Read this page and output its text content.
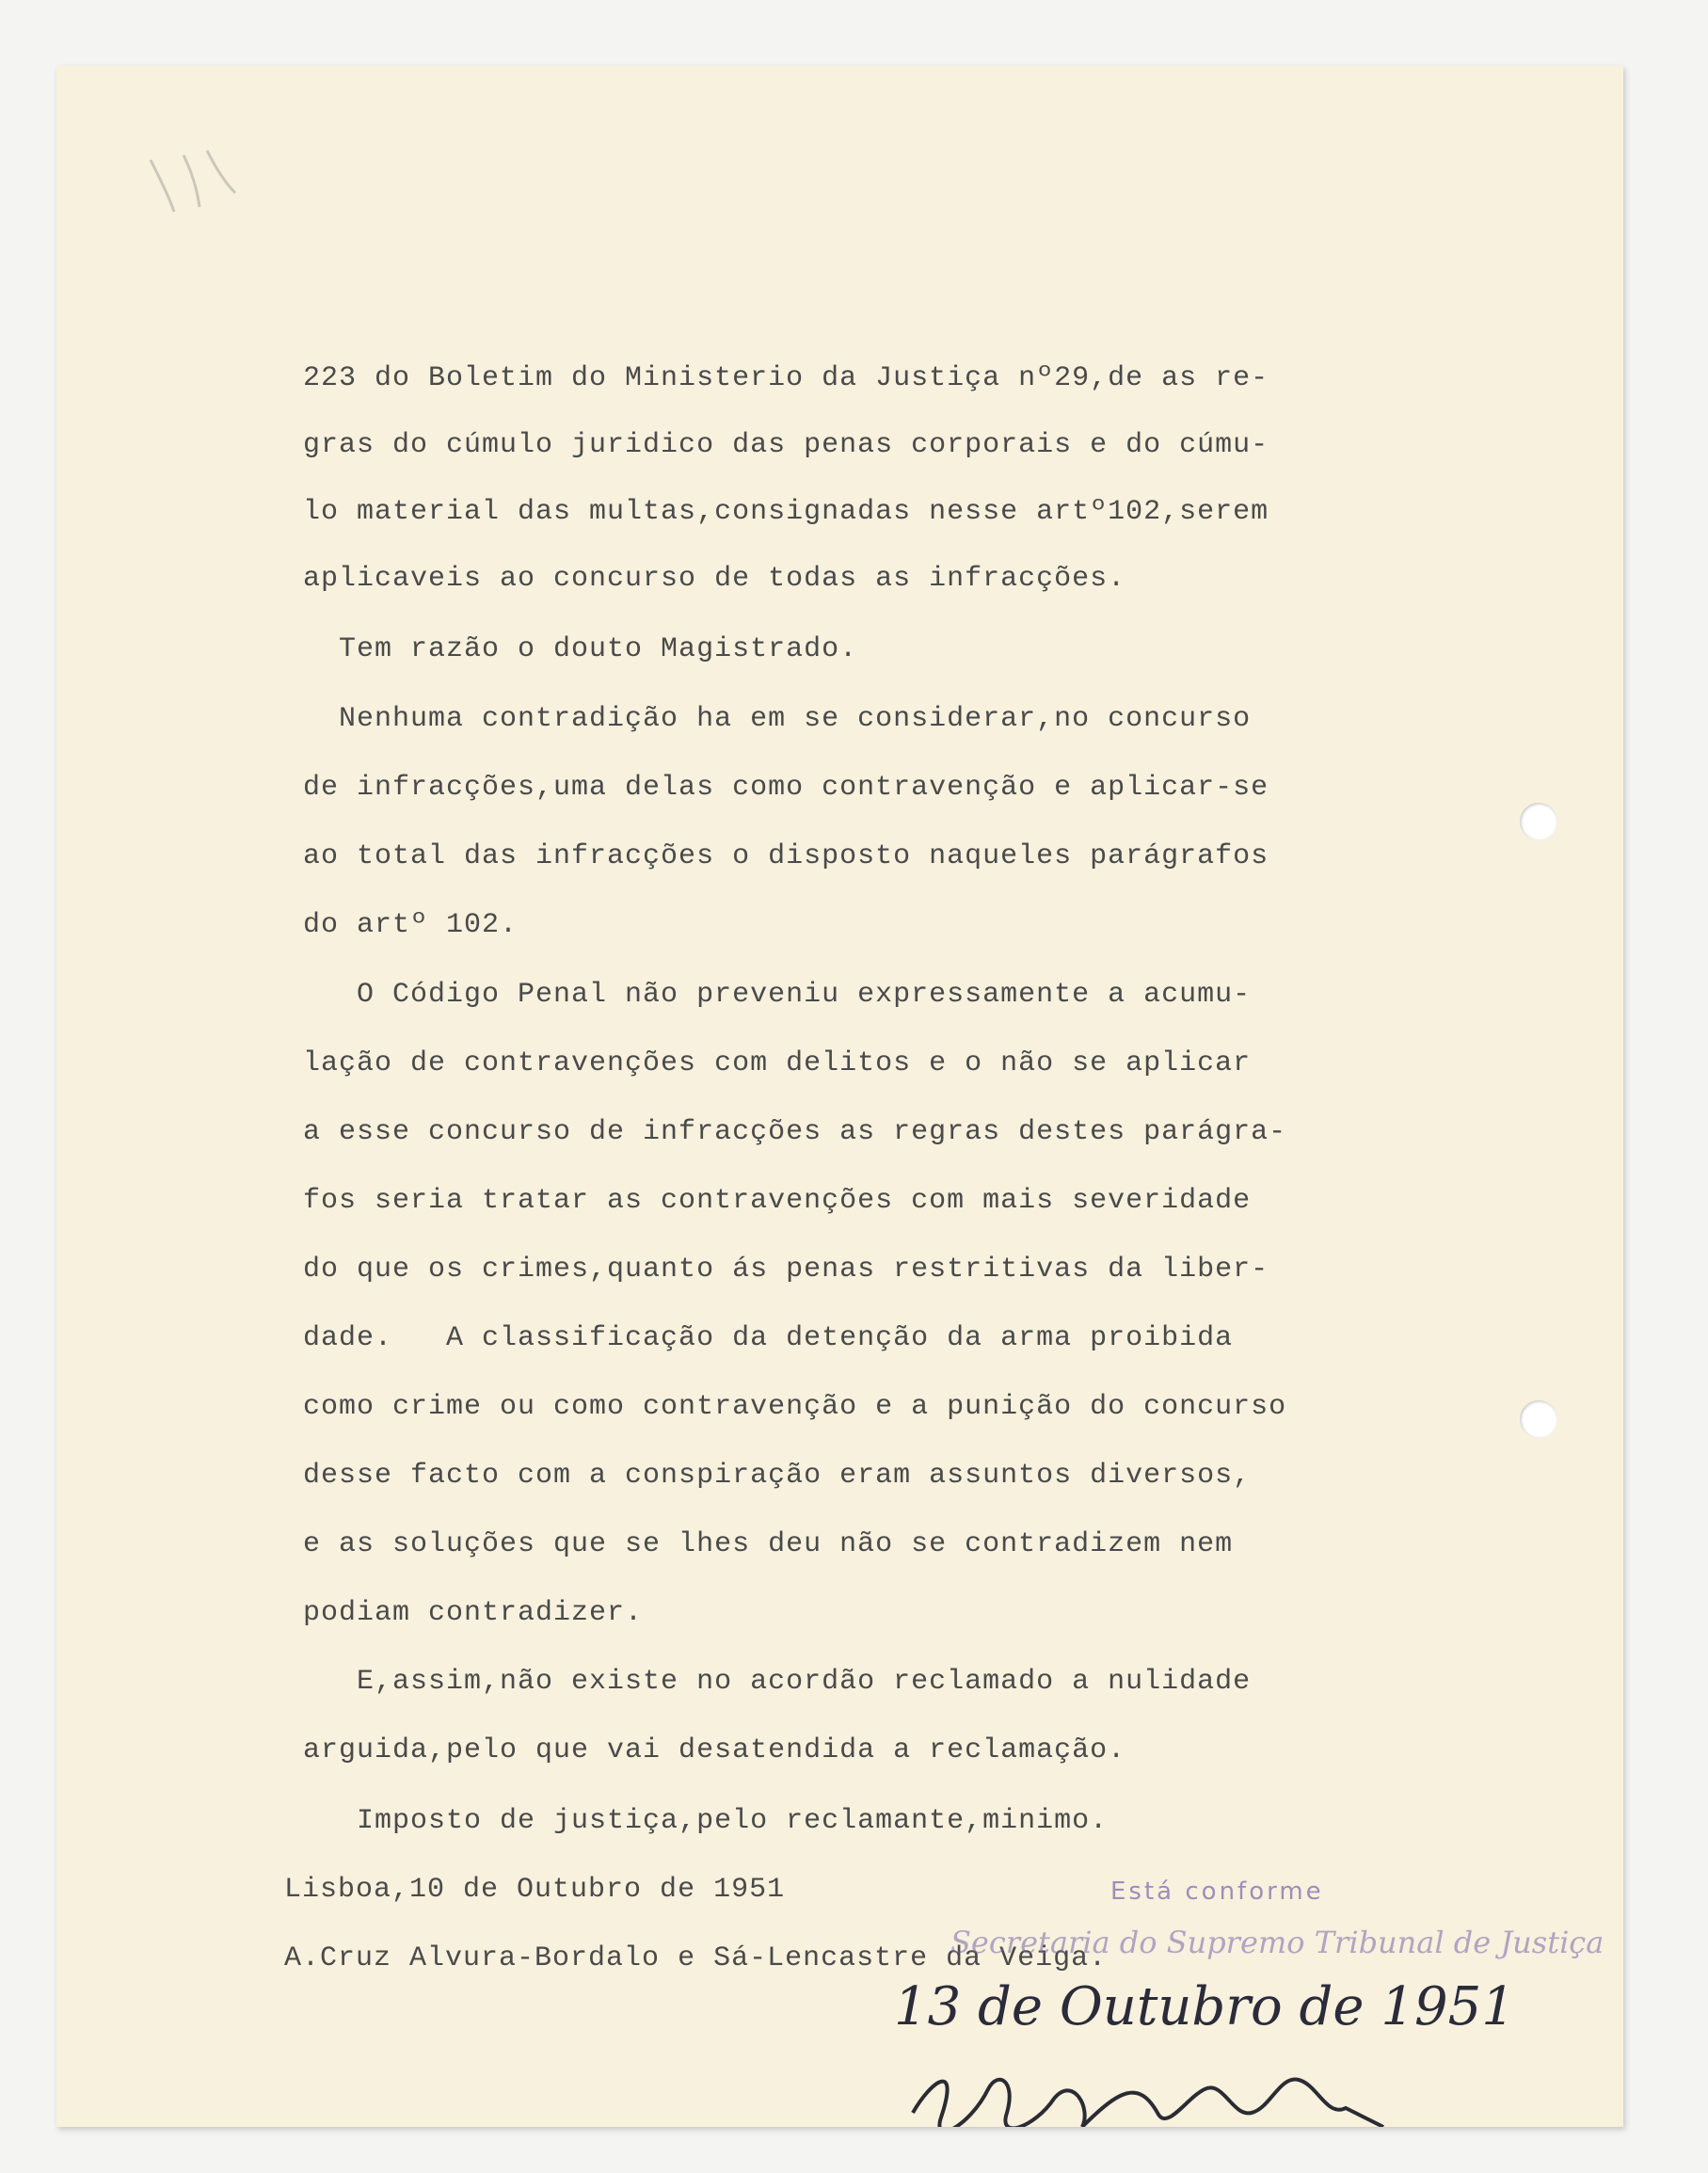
223 do Boletim do Ministerio da Justiça nº29,de as re-
gras do cúmulo juridico das penas corporais e do cúmu-
lo material das multas,consignadas nesse artº102,serem
aplicaveis ao concurso de todas as infracções.
Tem razão o douto Magistrado.
Nenhuma contradição ha em se considerar,no concurso
de infracções,uma delas como contravenção e aplicar-se
ao total das infracções o disposto naqueles parágrafos
do artº 102.
O Código Penal não preveniu expressamente a acumu-
lação de contravenções com delitos e o não se aplicar
a esse concurso de infracções as regras destes parágra-
fos seria tratar as contravenções com mais severidade
do que os crimes,quanto ás penas restritivas da liber-
dade.   A classificação da detenção da arma proibida
como crime ou como contravenção e a punição do concurso
desse facto com a conspiração eram assuntos diversos,
e as soluções que se lhes deu não se contradizem nem
podiam contradizer.
E,assim,não existe no acordão reclamado a nulidade
arguida,pelo que vai desatendida a reclamação.
Imposto de justiça,pelo reclamante,minimo.
Lisboa,10 de Outubro de 1951
A.Cruz Alvura-Bordalo e Sá-Lencastre da Veiga.
Está conforme
Secretaria do Supremo Tribunal de Justiça
13 de Outubro de 1951
